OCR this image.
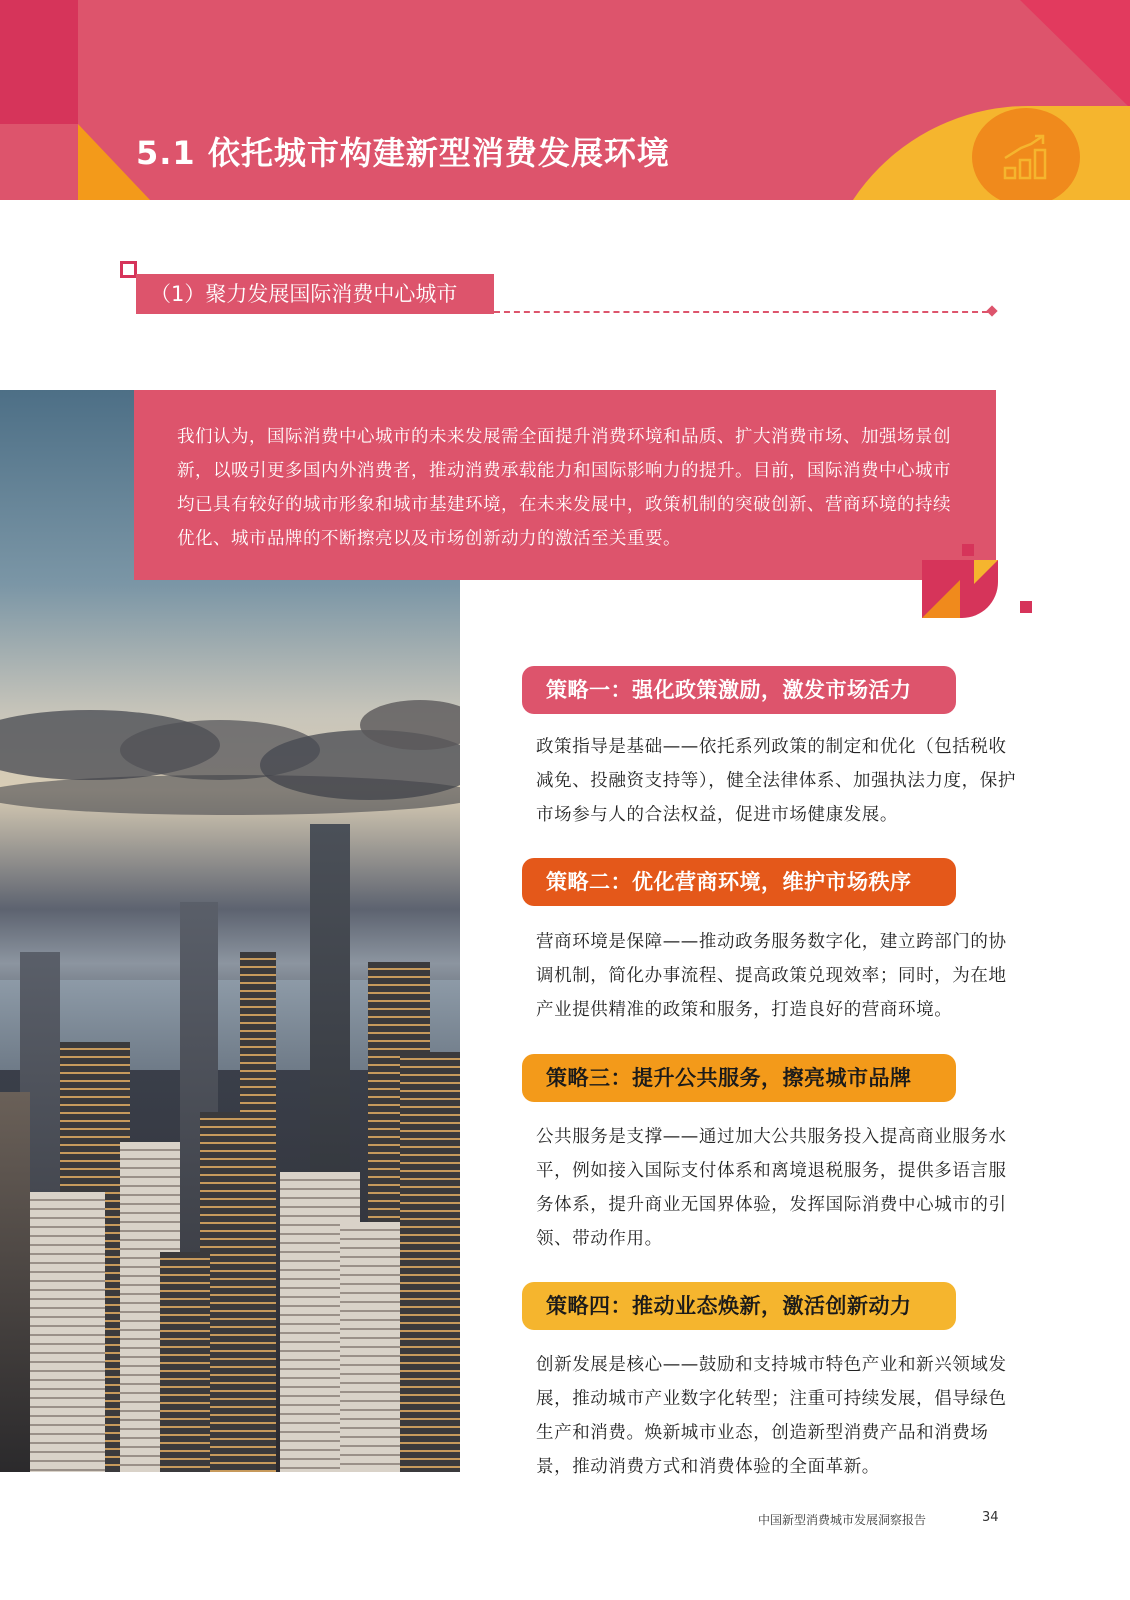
5.1 依托城市构建新型消费发展环境
（1）聚力发展国际消费中心城市
我们认为，国际消费中心城市的未来发展需全面提升消费环境和品质、扩大消费市场、加强场景创新，以吸引更多国内外消费者，推动消费承载能力和国际影响力的提升。目前，国际消费中心城市均已具有较好的城市形象和城市基建环境，在未来发展中，政策机制的突破创新、营商环境的持续优化、城市品牌的不断擦亮以及市场创新动力的激活至关重要。
策略一：强化政策激励，激发市场活力

政策指导是基础——依托系列政策的制定和优化（包括税收减免、投融资支持等），健全法律体系、加强执法力度，保护市场参与人的合法权益，促进市场健康发展。

策略二：优化营商环境，维护市场秩序

营商环境是保障——推动政务服务数字化，建立跨部门的协调机制，简化办事流程、提高政策兑现效率；同时，为在地产业提供精准的政策和服务，打造良好的营商环境。

策略三：提升公共服务，擦亮城市品牌

公共服务是支撑——通过加大公共服务投入提高商业服务水平，例如接入国际支付体系和离境退税服务，提供多语言服务体系，提升商业无国界体验，发挥国际消费中心城市的引领、带动作用。

策略四：推动业态焕新，激活创新动力

创新发展是核心——鼓励和支持城市特色产业和新兴领域发展，推动城市产业数字化转型；注重可持续发展，倡导绿色生产和消费。焕新城市业态，创造新型消费产品和消费场景，推动消费方式和消费体验的全面革新。

中国新型消费城市发展洞察报告	34
